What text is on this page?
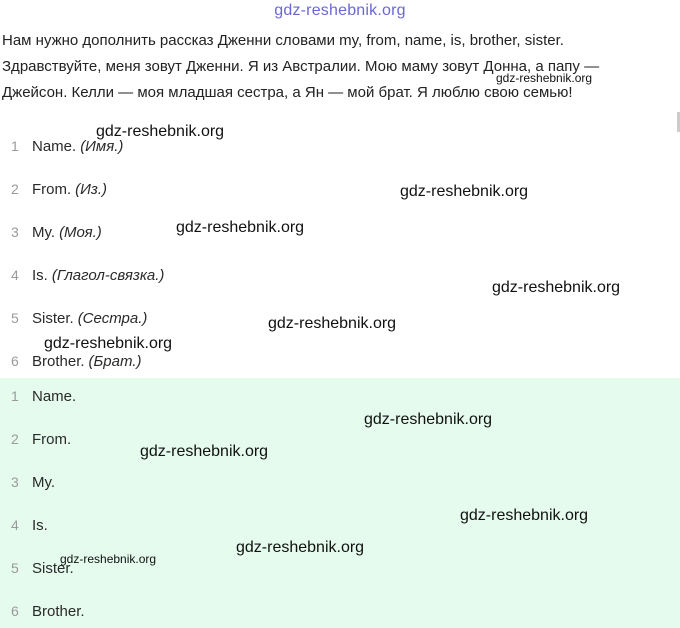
gdz-reshebnik.org

Нам нужно дополнить рассказ Дженни словами my, from, name, is, brother, sister.

Здравствуйте, меня зовут Дженни. Я из Австралии. Мою маму зовут Донна, а папу —

Джейсон. Келли — моя младшая сестра, а Ян — мой брат. Я люблю свою семью!

1 Name. (Имя.)
2 From. (Из.)
3 My. (Моя.)
4 Is. (Глагол-связка.)
5 Sister. (Сестра.)
6 Brother. (Брат.)
1 Name.
2 From.
3 My.
4 Is.
5 Sister.
6 Brother.
gdz-reshebnik.org
gdz-reshebnik.org
gdz-reshebnik.org
gdz-reshebnik.org
gdz-reshebnik.org
gdz-reshebnik.org
gdz-reshebnik.org
gdz-reshebnik.org
gdz-reshebnik.org
gdz-reshebnik.org
gdz-reshebnik.org
gdz-reshebnik.org
